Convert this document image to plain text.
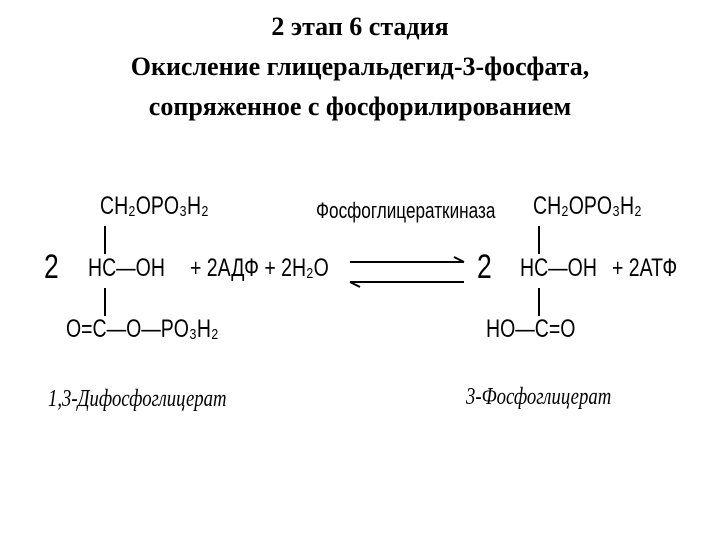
2 этап 6 стадия
Окисление глицеральдегид-3-фосфата,
сопряженное с фосфорилированием
2
CH₂OPO₃H₂
HC—OH
O=C—O—PO₃H₂
1,3-Дифосфоглицерат
+ 2АДФ + 2H₂O
Фосфоглицераткиназа
2
CH₂OPO₃H₂
HC—OH
HO—C=O
3-Фосфоглицерат
+ 2АТФ
